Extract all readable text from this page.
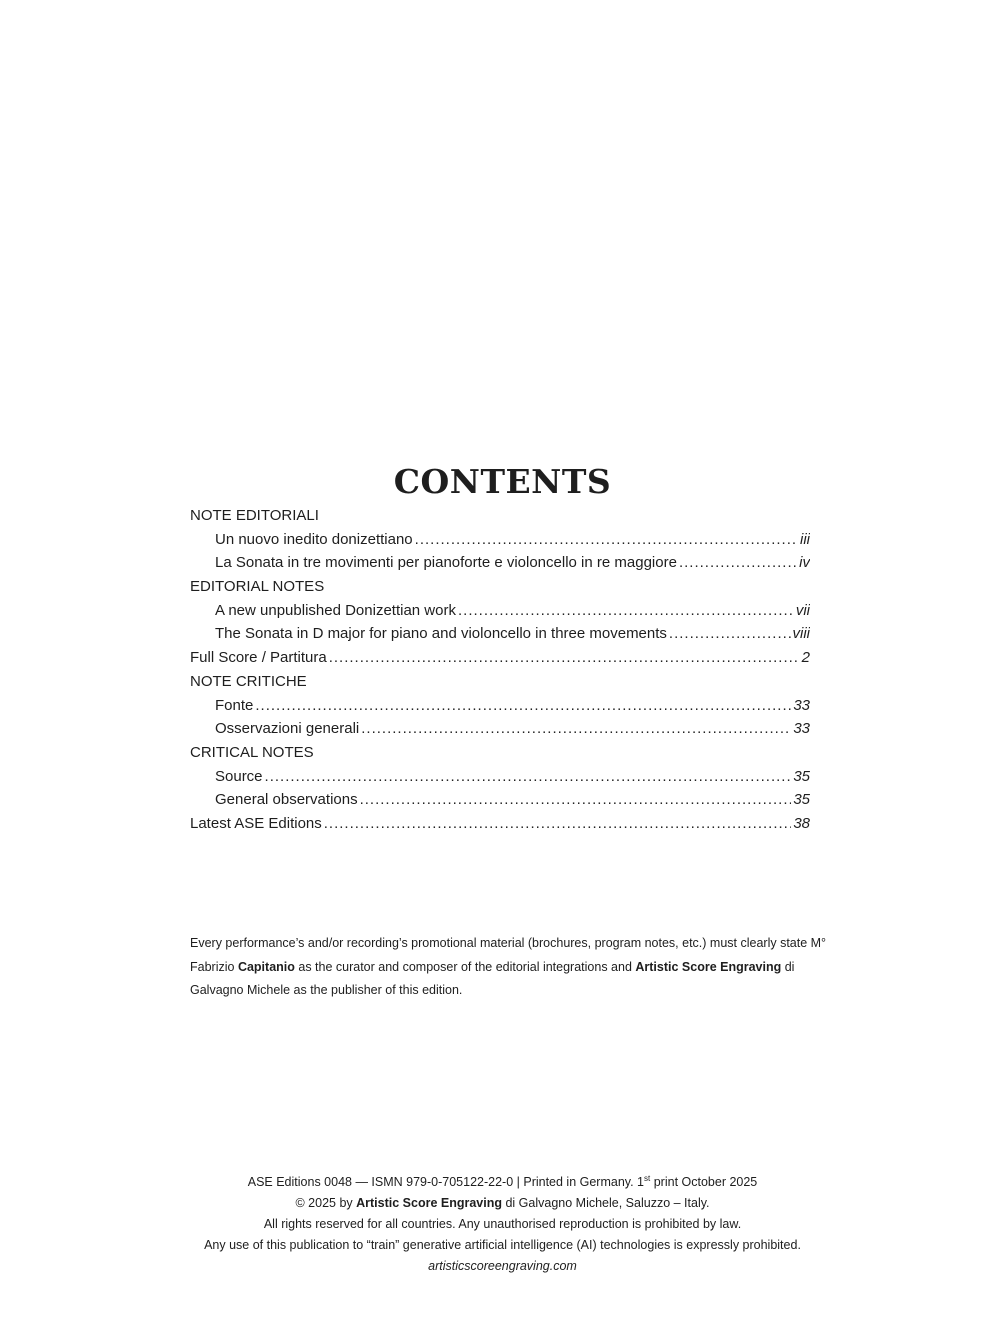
CONTENTS
NOTE EDITORIALI
Un nuovo inedito donizettiano .....	iii
La Sonata in tre movimenti per pianoforte e violoncello in re maggiore .....	iv
EDITORIAL NOTES
A new unpublished Donizettian work .....	vii
The Sonata in D major for piano and violoncello in three movements .....	viii
Full Score / Partitura .....	2
NOTE CRITICHE
Fonte .....	33
Osservazioni generali .....	33
CRITICAL NOTES
Source .....	35
General observations .....	35
Latest ASE Editions .....	38
Every performance’s and/or recording’s promotional material (brochures, program notes, etc.) must clearly state M° Fabrizio Capitanio as the curator and composer of the editorial integrations and Artistic Score Engraving di Galvagno Michele as the publisher of this edition.
ASE Editions 0048 — ISMN 979-0-705122-22-0 | Printed in Germany. 1st print October 2025
© 2025 by Artistic Score Engraving di Galvagno Michele, Saluzzo – Italy.
All rights reserved for all countries. Any unauthorised reproduction is prohibited by law.
Any use of this publication to “train” generative artificial intelligence (AI) technologies is expressly prohibited.
artisticscoreengraving.com
